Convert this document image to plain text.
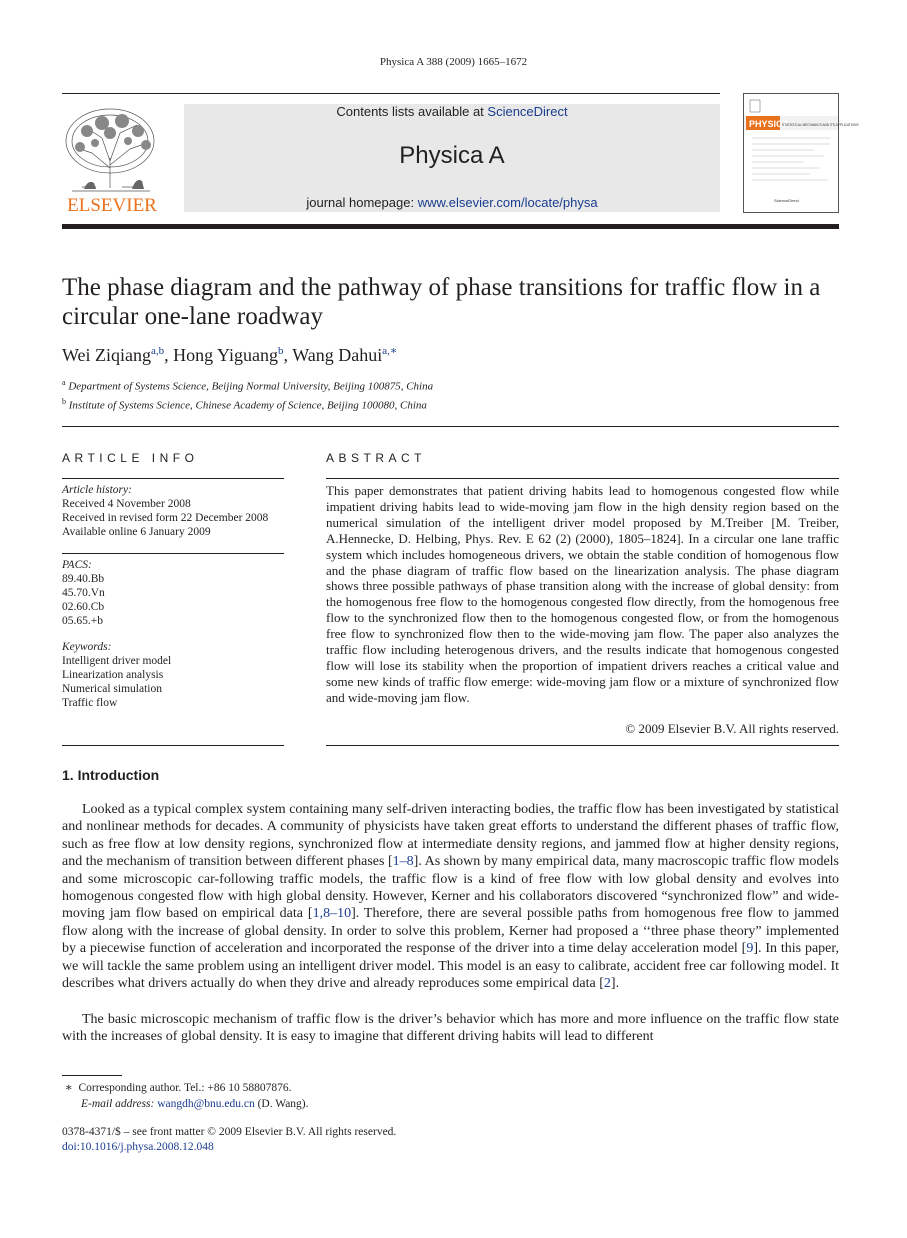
Physica A 388 (2009) 1665–1672
ELSEVIER
Contents lists available at ScienceDirect
Physica A
journal homepage: www.elsevier.com/locate/physa
PHYSICA
STATISTICAL MECHANICS AND ITS APPLICATIONS
ScienceDirect
The phase diagram and the pathway of phase transitions for traffic flow in a circular one-lane roadway
Wei Ziqiang$^{a,b}$, Hong Yiguang$^b$, Wang Dahui$^{a,∗}$
$^a$ Department of Systems Science, Beijing Normal University, Beijing 100875, China
$^b$ Institute of Systems Science, Chinese Academy of Science, Beijing 100080, China
ARTICLE INFO
Article history:
Received 4 November 2008
Received in revised form 22 December 2008
Available online 6 January 2009
PACS:
89.40.Bb
45.70.Vn
02.60.Cb
05.65.+b
Keywords:
Intelligent driver model
Linearization analysis
Numerical simulation
Traffic flow
ABSTRACT
This paper demonstrates that patient driving habits lead to homogenous congested flow while impatient driving habits lead to wide-moving jam flow in the high density region based on the numerical simulation of the intelligent driver model proposed by M.Treiber [M. Treiber, A.Hennecke, D. Helbing, Phys. Rev. E 62 (2) (2000), 1805–1824]. In a circular one lane traffic system which includes homogeneous drivers, we obtain the stable condition of homogenous flow and the phase diagram of traffic flow based on the linearization analysis. The phase diagram shows three possible pathways of phase transition along with the increase of global density: from the homogenous free flow to the homogenous congested flow directly, from the homogenous free flow to the synchronized flow then to the homogenous congested flow, or from the homogenous free flow to synchronized flow then to the wide-moving jam flow. The paper also analyzes the traffic flow including heterogenous drivers, and the results indicate that homogenous congested flow will lose its stability when the proportion of impatient drivers reaches a critical value and some new kinds of traffic flow emerge: wide-moving jam flow or a mixture of synchronized flow and wide-moving jam flow.
© 2009 Elsevier B.V. All rights reserved.
1. Introduction
Looked as a typical complex system containing many self-driven interacting bodies, the traffic flow has been investigated by statistical and nonlinear methods for decades. A community of physicists have taken great efforts to understand the different phases of traffic flow, such as free flow at low density regions, synchronized flow at intermediate density regions, and jammed flow at higher density regions, and the mechanism of transition between different phases [1–8]. As shown by many empirical data, many macroscopic traffic flow models and some microscopic car-following traffic models, the traffic flow is a kind of free flow with low global density and evolves into homogenous congested flow with high global density. However, Kerner and his collaborators discovered “synchronized flow” and wide-moving jam flow based on empirical data [1,8–10]. Therefore, there are several possible paths from homogenous free flow to jammed flow along with the increase of global density. In order to solve this problem, Kerner had proposed a ‘‘three phase theory” implemented by a piecewise function of acceleration and incorporated the response of the driver into a time delay acceleration model [9]. In this paper, we will tackle the same problem using an intelligent driver model. This model is an easy to calibrate, accident free car following model. It describes what drivers actually do when they drive and already reproduces some empirical data [2].
The basic microscopic mechanism of traffic flow is the driver’s behavior which has more and more influence on the traffic flow state with the increases of global density. It is easy to imagine that different driving habits will lead to different
∗ Corresponding author. Tel.: +86 10 58807876.
E-mail address: wangdh@bnu.edu.cn (D. Wang).
0378-4371/$ – see front matter © 2009 Elsevier B.V. All rights reserved.
doi:10.1016/j.physa.2008.12.048
